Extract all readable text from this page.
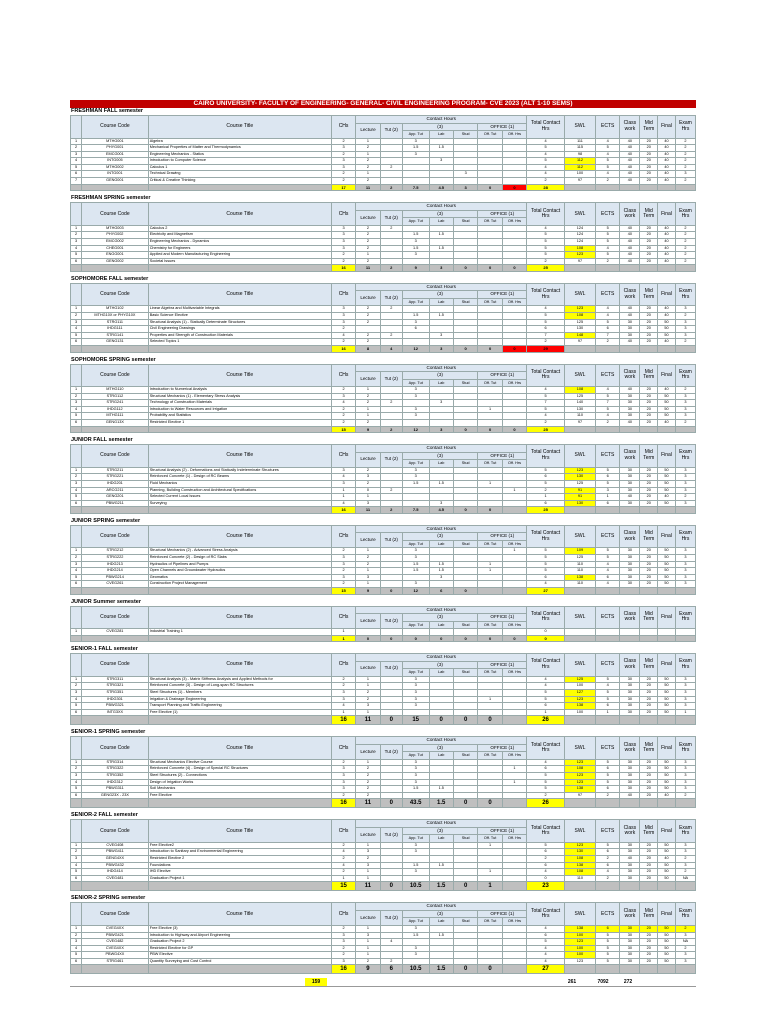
CAIRO UNIVERSITY- FACULTY OF ENGINEERING- GENERAL- CIVIL ENGINEERING PROGRAM- CVE 2023 (ALT 1-10 SEMS)
FRESHMAN FALL semester
	Course Code	Course Title	CHs	Contact Hours							Total Contact Hrs	SWL	ECTS	Class work	Mid Term	Final	Exam Hrs
				Lecture	Tut (2)	(3)			OFFICE (1)								
						App. Tut	Lab	Stud	Off. Tut	Off. Hrs							
1	MTHG001	Algebra	2	1		3					4	111	4	40	20	40	2
2	PHYG001	Mechanical Properties of Matter and Thermodynamics	3	2		1.5	1.5				5	115	5	40	20	40	2
3	EMCG001	Engineering Mechanics - Statics	2	1		3					4	98	4	40	20	40	2
4	INTG005	Introduction to Computer Science	3	2			3				5	112	5	40	20	40	2
5	MTHG002	Calculus 1	3	2	2						4	112	5	40	20	40	2
6	INTG001	Technical Drawing	2	1				3			4	100	4	40	20	40	3
7	GENG001	Critical & Creative Thinking	2	2							2	97	2	40	20	40	2
			17	11	2	7.5	4.5	3	0	0	28						
FRESHMAN SPRING semester
	Course Code	Course Title	CHs	Contact Hours							Total Contact Hrs	SWL	ECTS	Class work	Mid Term	Final	Exam Hrs
				Lecture	Tut (2)	(3)			OFFICE (1)								
						App. Tut	Lab	Stud	Off. Tut	Off. Hrs							
1	MTHG003	Calculus 2	3	2	2						4	124	5	40	20	40	2
2	PHYG002	Electricity and Magnetism	3	2		1.5	1.5				5	124	5	40	20	40	2
3	EMCG002	Engineering Mechanics - Dynamics	3	2		3					5	124	5	40	20	40	2
4	CHEG001	Chemistry for Engineers	3	2		1.5	1.5				5	108	4	40	20	40	2
5	ENGG001	Applied and Modern Manufacturing Engineering	2	1		3					5	123	5	40	20	40	2
6	GENG002	Societal Issues	2	2							2	97	2	40	20	40	2
			16	11	2	9	3	0	0	0	25						
SOPHOMORE FALL semester
	Course Code	Course Title	CHs	Contact Hours							Total Contact Hrs	SWL	ECTS	Class work	Mid Term	Final	Exam Hrs
				Lecture	Tut (2)	(3)			OFFICE (1)								
						App. Tut	Lab	Stud	Off. Tut	Off. Hrs							
1	MTHG102	Linear Algebra and Multivariable Integrals	3	2	2						4	123	4	40	20	40	3
2	MTHG10X or PHYG10X	Basic Science Elective	3	2		1.5	1.5				5	108	4	40	20	40	2
3	STRG111	Structural Analysis (1) - Statically Determinate Structures	3	2		3					5	125	5	30	20	50	3
4	IHDG111	Civil Engineering Drawings	2			6					6	130	6	30	20	50	3
5	STRG141	Properties and Strength of Construction Materials	4	2	2		3				7	148	7	30	20	50	3
6	GENG131	Selected Topics 1	2	2							2	97	2	40	20	40	2
			16	8	4	12	3	0	0	0	29						
SOPHOMORE SPRING semester
	Course Code	Course Title	CHs	Contact Hours							Total Contact Hrs	SWL	ECTS	Class work	Mid Term	Final	Exam Hrs
				Lecture	Tut (2)	(3)			OFFICE (1)								
						App. Tut	Lab	Stud	Off. Tut	Off. Hrs							
1	MTHG110	Introduction to Numerical Analysis	2	1		3					4	108	4	40	20	40	2
2	STRG112	Structural Mechanics (1) - Elementary Stress Analysis	3	2		3					5	125	5	30	20	50	3
3	STRG241	Technology of Construction Materials	4	2	2		3				7	140	7	30	20	50	3
4	IHDG112	Introduction to Water Resources and Irrigation	2	1		3			1		5	130	5	30	20	50	3
5	MTHG111	Probability and Statistics	2	1		3					4	110	4	30	20	50	3
6	GENG13X	Restricted Elective 1	2	2							2	97	2	40	20	40	2
			15	9	2	12	3	0	0	0	25						
JUNIOR FALL semester
	Course Code	Course Title	CHs	Contact Hours							Total Contact Hrs	SWL	ECTS	Class work	Mid Term	Final	Exam Hrs
				Lecture	Tut (2)	(3)			OFFICE (1)								
						App. Tut	Lab	Stud	Off. Tut	Off. Hrs							
1	STRG211	Structural Analysis (2) - Deformations and Statically Indeterminate Structures	3	2		3					5	123	5	30	20	50	3
2	STRG221	Reinforced Concrete (1) - Design of RC Beams	4	3		3					6	130	6	30	20	50	3
3	IHDG201	Fluid Mechanics	3	2		1.5	1.5		1		5	125	5	30	20	50	3
4	ARCG211	Planning, Building Construction and Architectural Specifications	1	0	2					1	2	91	3	30	20	50	3
5	GENG201	Selected Current Local Issues	1	1							1	91	1	40	20	40	2
6	PBWG211	Surveying	4	3			3				6	130	6	30	20	50	3
			16	11	2	7.5	4.5	0	0		25						
JUNIOR SPRING semester
	Course Code	Course Title	CHs	Contact Hours							Total Contact Hrs	SWL	ECTS	Class work	Mid Term	Final	Exam Hrs
				Lecture	Tut (2)	(3)			OFFICE (1)								
						App. Tut	Lab	Stud	Off. Tut	Off. Hrs							
1	STRG212	Structural Mechanics (2) - Advanced Stress Analysis	2	1		3				1	5	109	5	30	20	50	3
2	STRG222	Reinforced Concrete (2) - Design of RC Slabs	3	2		3					5	125	5	30	20	50	3
3	IHDG213	Hydraulics of Pipelines and Pumps	3	2		1.5	1.5		1		5	110	4	30	20	50	3
4	IHDG214	Open Channels and Groundwater Hydraulics	2	1		1.5	1.5		1		5	110	4	30	20	50	3
5	PBWG214	Geomatics	3	3			3				6	138	6	30	20	50	3
6	CVEG261	Construction Project Management	2	1		3					4	110	4	30	20	50	3
			15	9	0	12	6	0			27						
JUNIOR Summer semester
	Course Code	Course Title	CHs	Contact Hours							Total Contact Hrs	SWL	ECTS	Class work	Mid Term	Final	Exam Hrs
				Lecture	Tut (2)	(3)			OFFICE (1)								
						App. Tut	Lab	Stud	Off. Tut	Off. Hrs							
1	CVEG281	Industrial Training 1	1								0						
			1	0	0	0	0	0	0	0	0						
SENIOR-1 FALL semester
	Course Code	Course Title	CHs	Contact Hours							Total Contact Hrs	SWL	ECTS	Class work	Mid Term	Final	Exam Hrs
				Lecture	Tut (2)	(3)			OFFICE (1)								
						App. Tut	Lab	Stud	Off. Tut	Off. Hrs							
1	STRG311	Structural Analysis (3) - Matrix Stiffness Analysis and Applied Methods for	2	1		3					4	125	5	30	20	50	3
2	STRG321	Reinforced Concrete (3) - Design of Long-span RC Structures	2	1		3					4	100	4	30	20	50	3
3	STRG351	Steel Structures (1) - Members	3	2		3					5	127	5	30	20	50	3
4	IHDG301	Irrigation & Drainage Engineering	3	2		3			1		5	123	5	30	20	50	3
5	PBWG321	Transport Planning and Traffic Engineering	4	3		3					6	138	6	30	20	50	3
6	INTG3XX	Free Elective (1)	1	1							1	100	1	30	20	50	1
			16	11	0	15	0	0	0		26						
SENIOR-1 SPRING semester
	Course Code	Course Title	CHs	Contact Hours							Total Contact Hrs	SWL	ECTS	Class work	Mid Term	Final	Exam Hrs
				Lecture	Tut (2)	(3)			OFFICE (1)								
						App. Tut	Lab	Stud	Off. Tut	Off. Hrs							
1	STRG314	Structural Mechanics Elective Course	2	1		3					4	123	5	30	20	50	3
2	STRG322	Reinforced Concrete (4) - Design of Special RC Structures	3	2		3				1	6	108	6	30	20	50	3
3	STRG352	Steel Structures (2) - Connections	3	2		3					5	123	5	30	20	50	3
4	IHDG312	Design of Irrigation Works	3	2		3				1	5	123	5	30	20	50	3
5	PBWG311	Soil Mechanics	3	2		1.5	1.5				5	138	6	30	20	50	3
6	GENG23X - 23X	Free Elective	2	2							2	97	2	40	20	40	2
			16	11	0	43.5	1.5	0	0		26						
SENIOR-2 FALL semester
	Course Code	Course Title	CHs	Contact Hours							Total Contact Hrs	SWL	ECTS	Class work	Mid Term	Final	Exam Hrs
				Lecture	Tut (2)	(3)			OFFICE (1)								
						App. Tut	Lab	Stud	Off. Tut	Off. Hrs							
1	CVEG408	Free Elective2	2	1		3			1		5	123	5	30	20	50	3
2	PBWG411	Introduction to Sanitary and Environmental Engineering	4	3		3					6	130	6	30	20	50	3
3	GENG4XX	Restricted Elective 2	2	2							2	108	2	40	20	40	2
4	PBWG432	Foundations	4	3		1.5	1.5				6	138	6	30	20	50	3
5	IHDG414	IHD Elective	2	1		3			1		4	108	4	30	20	50	2
6	CVEG481	Graduation Project 1	1	1							0	110	2	30	20	50	NA
			15	11	0	10.5	1.5	0	1		23						
SENIOR-2 SPRING semester
	Course Code	Course Title	CHs	Contact Hours							Total Contact Hrs	SWL	ECTS	Class work	Mid Term	Final	Exam Hrs
				Lecture	Tut (2)	(3)			OFFICE (1)								
						App. Tut	Lab	Stud	Off. Tut	Off. Hrs							
1	CVEG4XX	Free Elective (3)	2	1		3					4	138	6	30	20	50	2
2	PBWG421	Introduction to Highway and Airport Engineering	3	3		1.5	1.5				6	100	5	30	20	50	3
3	CVEG482	Graduation Project 2	3	1	4						5	123	5	30	20	50	NA
4	CVEG4XX	Restricted Elective for GP	2	1		3					4	100	5	30	20	50	2
5	PBWG4XX	PBW Elective	2	1		3					4	100	5	30	20	50	3
6	STRG461	Quantity Surveying and Cost Control	3	2	2						4	123	5	30	20	50	3
			16	9	6	10.5	1.5	0	0		27						
159	261	7092	272
